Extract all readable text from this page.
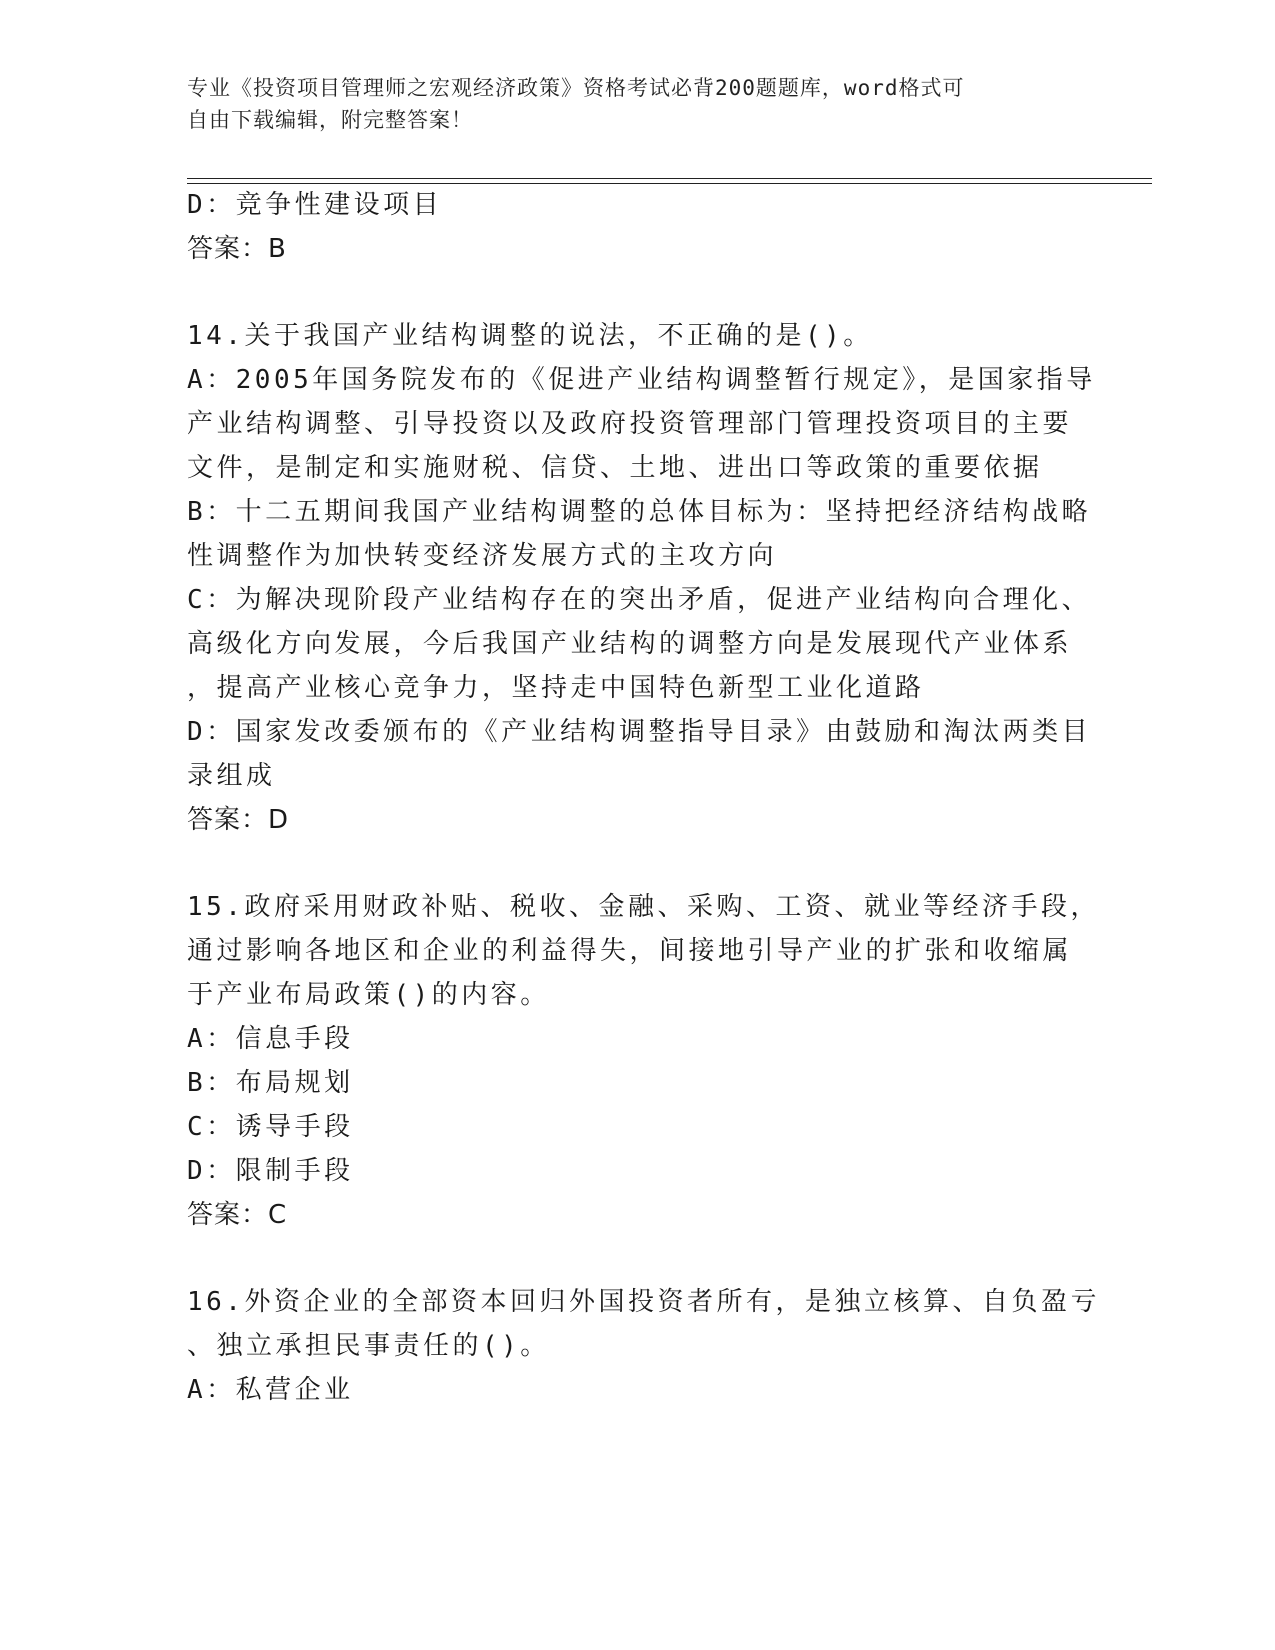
专业《投资项目管理师之宏观经济政策》资格考试必背200题题库，word格式可
自由下载编辑，附完整答案！
D：竞争性建设项目
答案：B
14.关于我国产业结构调整的说法，不正确的是()。
A：2005年国务院发布的《促进产业结构调整暂行规定》，是国家指导
产业结构调整、引导投资以及政府投资管理部门管理投资项目的主要
文件，是制定和实施财税、信贷、土地、进出口等政策的重要依据
B：十二五期间我国产业结构调整的总体目标为：坚持把经济结构战略
性调整作为加快转变经济发展方式的主攻方向
C：为解决现阶段产业结构存在的突出矛盾，促进产业结构向合理化、
高级化方向发展，今后我国产业结构的调整方向是发展现代产业体系
，提高产业核心竞争力，坚持走中国特色新型工业化道路
D：国家发改委颁布的《产业结构调整指导目录》由鼓励和淘汰两类目
录组成
答案：D
15.政府采用财政补贴、税收、金融、采购、工资、就业等经济手段，
通过影响各地区和企业的利益得失，间接地引导产业的扩张和收缩属
于产业布局政策()的内容。
A：信息手段
B：布局规划
C：诱导手段
D：限制手段
答案：C
16.外资企业的全部资本回归外国投资者所有，是独立核算、自负盈亏
、独立承担民事责任的()。
A：私营企业
